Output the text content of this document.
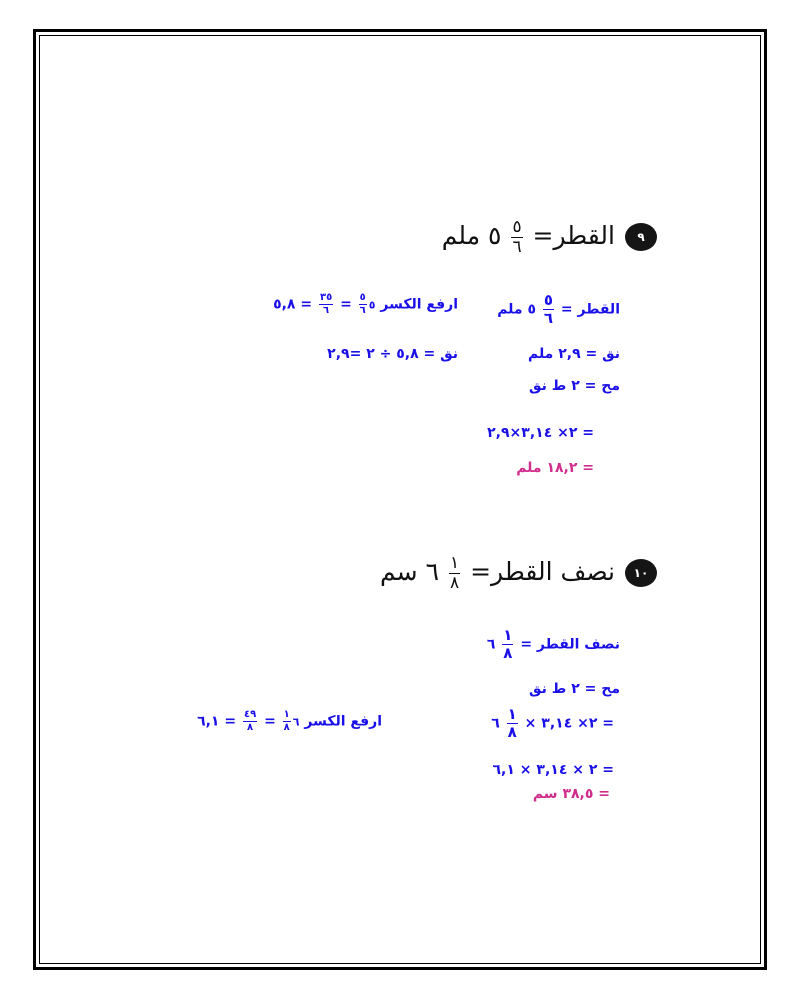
٩
القطر=
$\frac{٥}{٦}$
٥ ملم
القطر =
$\frac{٥}{٦}$
٥ ملم
ارفع الكسر ٥
$\frac{٥}{٦}$
=
$\frac{٣٥}{٦}$
= ٥,٨
نق = ٢,٩ ملم
نق = ٥,٨ ÷ ٢ =٢,٩
مح = ٢ ط نق
= ٢× ٣,١٤×٢,٩
= ١٨,٢ ملم
١٠
نصف القطر=
$\frac{١}{٨}$
٦ سم
نصف القطر =
$\frac{١}{٨}$
٦
مح = ٢ ط نق
= ٢× ٣,١٤ ×
$\frac{١}{٨}$
٦
ارفع الكسر ٦
$\frac{١}{٨}$
=
$\frac{٤٩}{٨}$
= ٦,١
= ٢ × ٣,١٤ × ٦,١
= ٣٨,٥ سم
